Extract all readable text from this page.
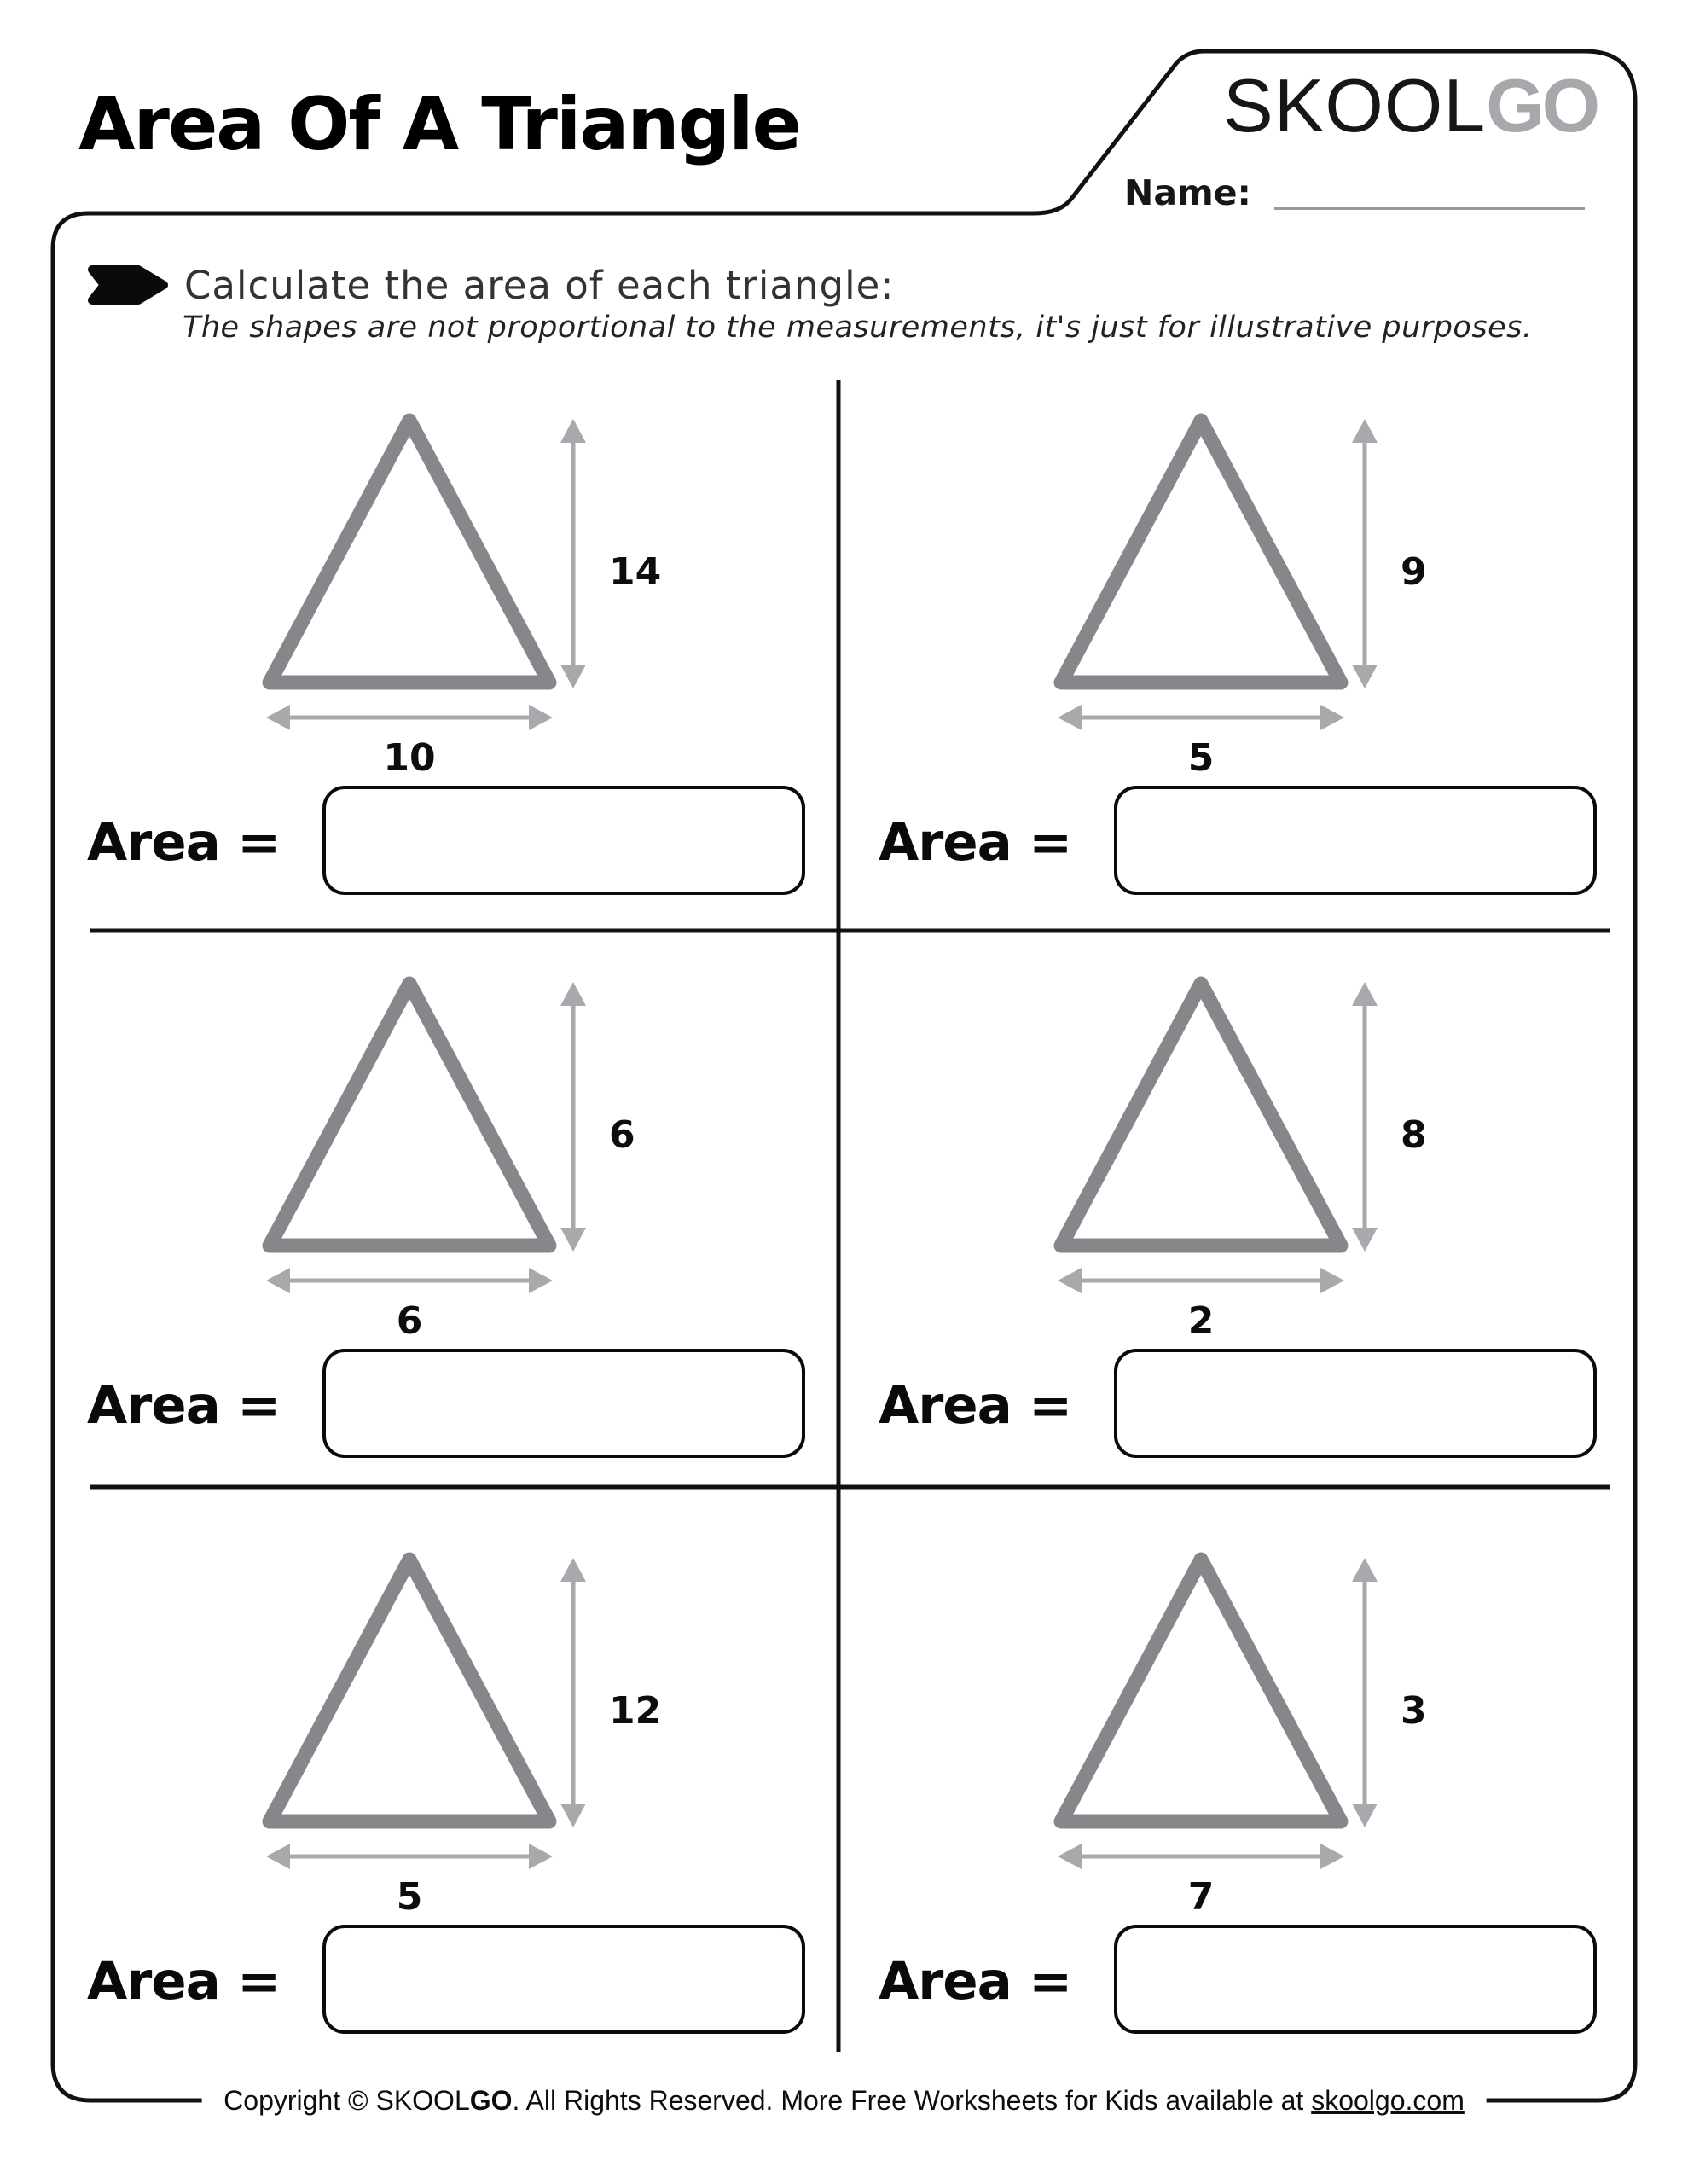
Area Of A Triangle	SKOOLGO
Name:
Calculate the area of each triangle:
The shapes are not proportional to the measurements, it's just for illustrative purposes.
14
10
Area =
9
5
Area =
6
6
Area =
8
2
Area =
12
5
Area =
3
7
Area =
Copyright © SKOOLGO. All Rights Reserved. More Free Worksheets for Kids available at skoolgo.com
